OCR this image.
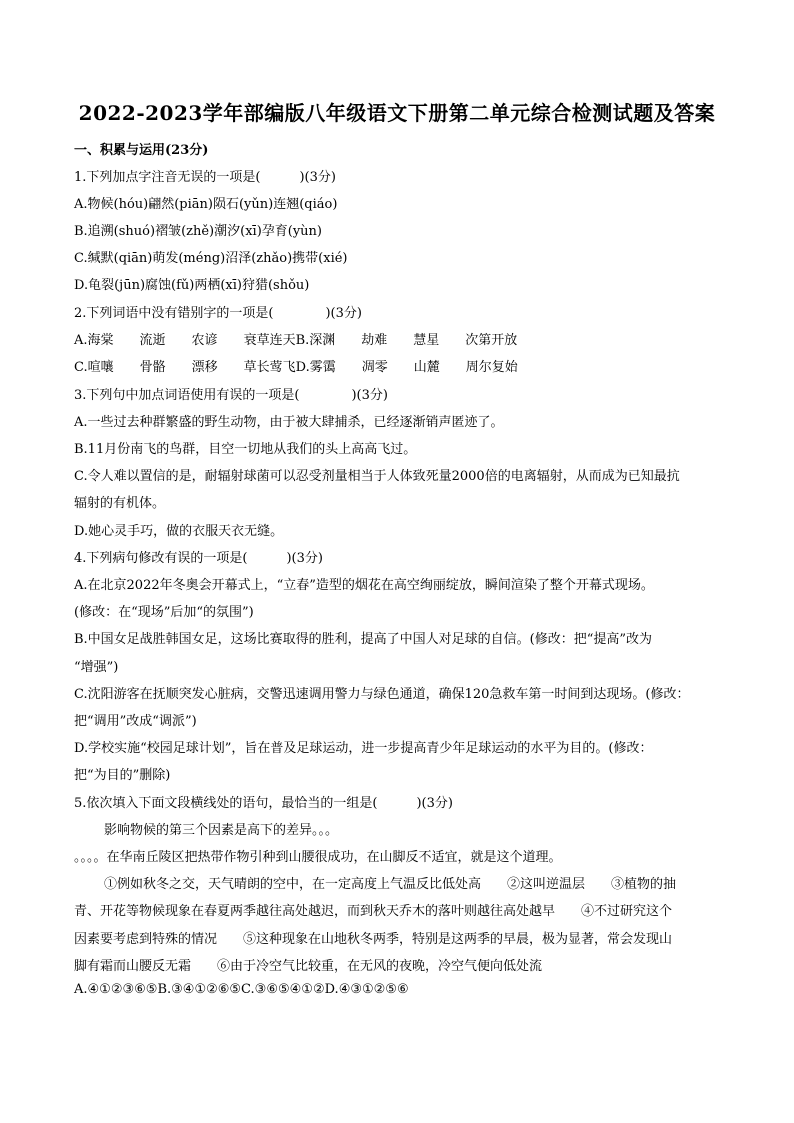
2022-2023学年部编版八年级语文下册第二单元综合检测试题及答案
一、积累与运用(23分)
1.下列加点字注音无误的一项是(　　　)(3分)
A.物候(hóu)翩然(piān)陨石(yǔn)连翘(qiáo)
B.追溯(shuó)褶皱(zhě)潮汐(xī)孕育(yùn)
C.缄默(qiān)萌发(méng)沼泽(zhǎo)携带(xié)
D.龟裂(jūn)腐蚀(fǔ)两栖(xī)狩猎(shǒu)
2.下列词语中没有错别字的一项是(　　　　)(3分)
A.海棠 流逝 农谚 衰草连天B.深渊 劫难 慧星 次第开放
C.喧嚷 骨骼 漂移 草长莺飞D.雾霭 凋零 山麓 周尔复始
3.下列句中加点词语使用有误的一项是(　　　　)(3分)
A.一些过去种群繁盛的野生动物，由于被大肆捕杀，已经逐渐销声匿迹了。
B.11月份南飞的鸟群，目空一切地从我们的头上高高飞过。
C.令人难以置信的是，耐辐射球菌可以忍受剂量相当于人体致死量2000倍的电离辐射，从而成为已知最抗
辐射的有机体。
D.她心灵手巧，做的衣服天衣无缝。
4.下列病句修改有误的一项是(　　　)(3分)
A.在北京2022年冬奥会开幕式上，“立春”造型的烟花在高空绚丽绽放，瞬间渲染了整个开幕式现场。
(修改：在“现场”后加“的氛围”)
B.中国女足战胜韩国女足，这场比赛取得的胜利，提高了中国人对足球的自信。(修改：把“提高”改为
“增强”)
C.沈阳游客在抚顺突发心脏病，交警迅速调用警力与绿色通道，确保120急救车第一时间到达现场。(修改：
把“调用”改成“调派”)
D.学校实施“校园足球计划”，旨在普及足球运动，进一步提高青少年足球运动的水平为目的。(修改：
把“为目的”删除)
5.依次填入下面文段横线处的语句，最恰当的一组是(　　　)(3分)
影响物候的第三个因素是高下的差异。。。
。。。。在华南丘陵区把热带作物引种到山腰很成功，在山脚反不适宜，就是这个道理。
①例如秋冬之交，天气晴朗的空中，在一定高度上气温反比低处高　　②这叫逆温层　　③植物的抽
青、开花等物候现象在春夏两季越往高处越迟，而到秋天乔木的落叶则越往高处越早　　④不过研究这个
因素要考虑到特殊的情况　　⑤这种现象在山地秋冬两季，特别是这两季的早晨，极为显著，常会发现山
脚有霜而山腰反无霜　　⑥由于冷空气比较重，在无风的夜晚，冷空气便向低处流
A.④①②③⑥⑤B.③④①②⑥⑤C.③⑥⑤④①②D.④③①②⑤⑥
